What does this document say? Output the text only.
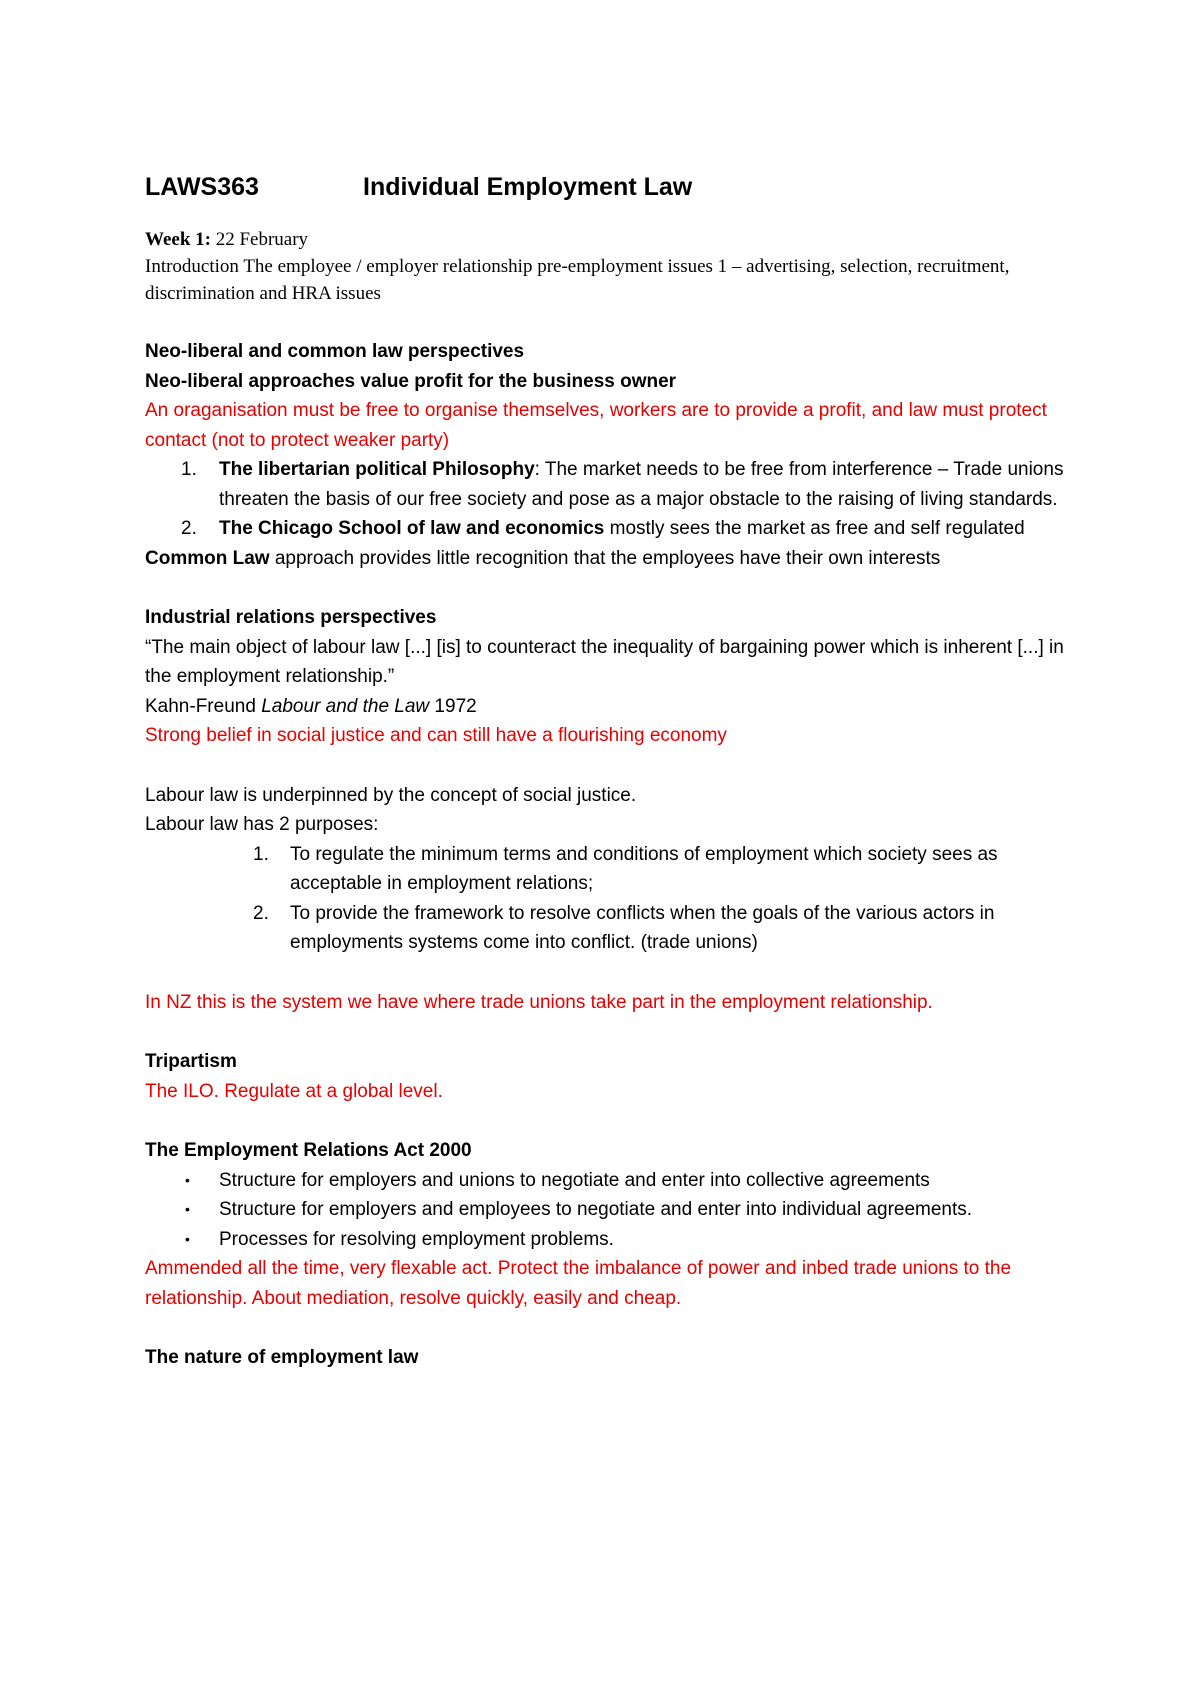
LAWS363	Individual Employment Law
Week 1: 22 February
Introduction The employee / employer relationship pre-employment issues 1 – advertising, selection, recruitment, discrimination and HRA issues
Neo-liberal and common law perspectives
Neo-liberal approaches value profit for the business owner
An oraganisation must be free to organise themselves, workers are to provide a profit, and law must protect contact (not to protect weaker party)
1. The libertarian political Philosophy: The market needs to be free from interference – Trade unions threaten the basis of our free society and pose as a major obstacle to the raising of living standards.
2. The Chicago School of law and economics mostly sees the market as free and self regulated
Common Law approach provides little recognition that the employees have their own interests
Industrial relations perspectives
“The main object of labour law [...] [is] to counteract the inequality of bargaining power which is inherent [...] in the employment relationship.”
Kahn-Freund Labour and the Law 1972
Strong belief in social justice and can still have a flourishing economy
Labour law is underpinned by the concept of social justice.
Labour law has 2 purposes:
1. To regulate the minimum terms and conditions of employment which society sees as acceptable in employment relations;
2. To provide the framework to resolve conflicts when the goals of the various actors in employments systems come into conflict. (trade unions)
In NZ this is the system we have where trade unions take part in the employment relationship.
Tripartism
The ILO. Regulate at a global level.
The Employment Relations Act 2000
• Structure for employers and unions to negotiate and enter into collective agreements
• Structure for employers and employees to negotiate and enter into individual agreements.
• Processes for resolving employment problems.
Ammended all the time, very flexable act. Protect the imbalance of power and inbed trade unions to the relationship. About mediation, resolve quickly, easily and cheap.
The nature of employment law
